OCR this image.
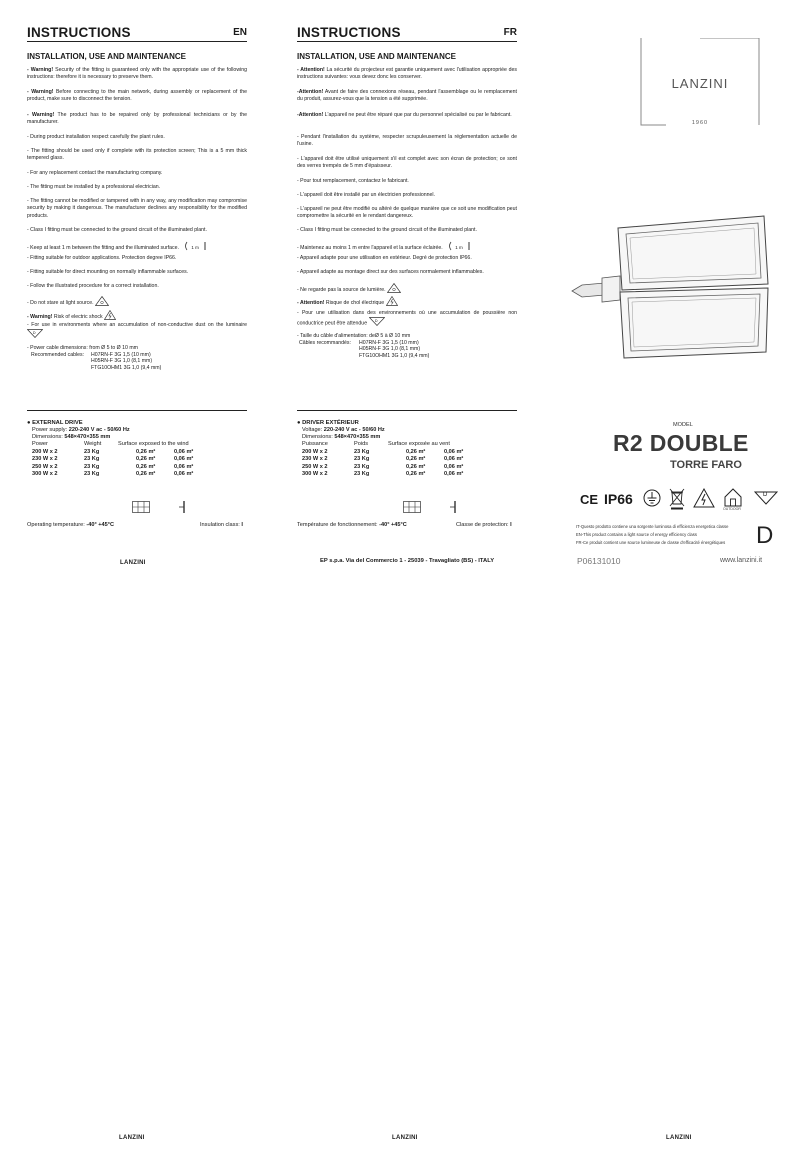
INSTRUCTIONS	EN
INSTALLATION, USE AND MAINTENANCE

- Warning! Security of the fitting is guaranteed only with the appropriate use of the following instructions: therefore it is necessary to preserve them.

- Warning! Before connecting to the main network, during assembly or replacement of the product, make sure to disconnect the tension.

- Warning! The product has to be repaired only by professional technicians or by the manufacturer.

- During product installation respect carefully the plant rules.

- The fitting should be used only if complete with its protection screen; This is a 5 mm thick tempered glass.

- For any replacement contact the manufacturing company.

- The fitting must be installed by a professional electrician.

- The fitting cannot be modified or tampered with in any way, any modification may compromise security by making it dangerous. The manufacturer declines any responsibility for the modified products.

- Class I fitting must be connected to the ground circuit of the illuminated plant.

- Keep at least 1 m between the fitting and the illuminated surface.	1 m

- Fitting suitable for outdoor applications. Protection degree IP66.

- Fitting suitable for direct mounting on normally inflammable surfaces.

- Follow the illustrated procedure for a correct installation.

- Do not stare at light source.

- Warning! Risk of electric shock

- For use in environments where an accumulation of non-conductive dust on the luminaire
D

- Power cable dimensions: from Ø 5 to Ø 10 mm
Recommended cables: H07RN-F 3G 1,5 (10 mm)
H05RN-F 3G 1,0 (8,1 mm)
FTG10OHM1 3G 1,0 (9,4 mm)
● EXTERNAL DRIVE
Power supply: 220-240 V ac - 50/60 Hz
Dimensions: 548×470×355 mm
Power	Weight	Surface exposed to the wind	
200 W x 2	23 Kg	0,26 m²	0,06 m²
230 W x 2	23 Kg	0,26 m²	0,06 m²
250 W x 2	23 Kg	0,26 m²	0,06 m²
300 W x 2	23 Kg	0,26 m²	0,06 m²
Operating temperature: -40° +45°C	Insulation class: I
LANZINI
LANZINI
INSTRUCTIONS	FR
INSTALLATION, USE AND MAINTENANCE

- Attention! La sécurité du projecteur est garantie uniquement avec l'utilisation appropriée des instructions suivantes: vous devez donc les conserver.

-Attention! Avant de faire des connexions réseau, pendant l'assemblage ou le remplacement du produit, assurez-vous que la tension a été supprimée.

-Attention! L'appareil ne peut être réparé que par du personnel spécialisé ou par le fabricant.

- Pendant l'installation du système, respecter scrupuleusement la réglementation actuelle de l'usine.

- L'appareil doit être utilisé uniquement s'il est complet avec son écran de protection; ce sont des verres trempés de 5 mm d'épaisseur.

- Pour tout remplacement, contactez le fabricant.

- L'appareil doit être installé par un électricien professionnel.

- L'appareil ne peut être modifié ou altéré de quelque manière que ce soit une modification peut compromettre la sécurité en le rendant dangereux.

- Class I fitting must be connected to the ground circuit of the illuminated plant.

- Maintenez au moins 1 m entre l'appareil et la surface éclairée.	1 m

- Appareil adapte pour une utilisation en extérieur. Degré de protection IP66.

- Appareil adapte au montage direct sur des surfaces normalement inflammables.

- Ne regarde pas la source de lumière.

- Attention! Risque de chol électrique

- Pour une utilisation dans des environnements où une accumulation de poussière non conductrice peut être attendue D

- Taille du câble d'alimentation: deØ 5 à Ø 10 mm
Câbles recommandés: H07RN-F 3G 1,5 (10 mm)
H05RN-F 3G 1,0 (8,1 mm)
FTG10OHM1 3G 1,0 (9,4 mm)
● DRIVER EXTÉRIEUR
Voltage: 220-240 V ac - 50/60 Hz
Dimensions: 548×470×355 mm
Puissance	Poids	Surface exposée au vent	
200 W x 2	23 Kg	0,26 m²	0,06 m²
230 W x 2	23 Kg	0,26 m²	0,06 m²
250 W x 2	23 Kg	0,26 m²	0,06 m²
300 W x 2	23 Kg	0,26 m²	0,06 m²
Température de fonctionnement: -40° +45°C	Classe de protection: I
EP s.p.a. Via del Commercio 1 - 25039 - Travagliato (BS) - ITALY
LANZINI
LANZINI
1960
MODEL
R2 DOUBLE
TORRE FARO
CE IP66
OUTDOOR
D
IT-Questo prodotto contiene una sorgente luminosa di efficienza energetica classe
EN-This product contains a light source of energy efficiency class
FR-Ce produit contient une source lumineuse de classe d'efficacité énergétiques	D
P06131010	www.lanzini.it
LANZINI
